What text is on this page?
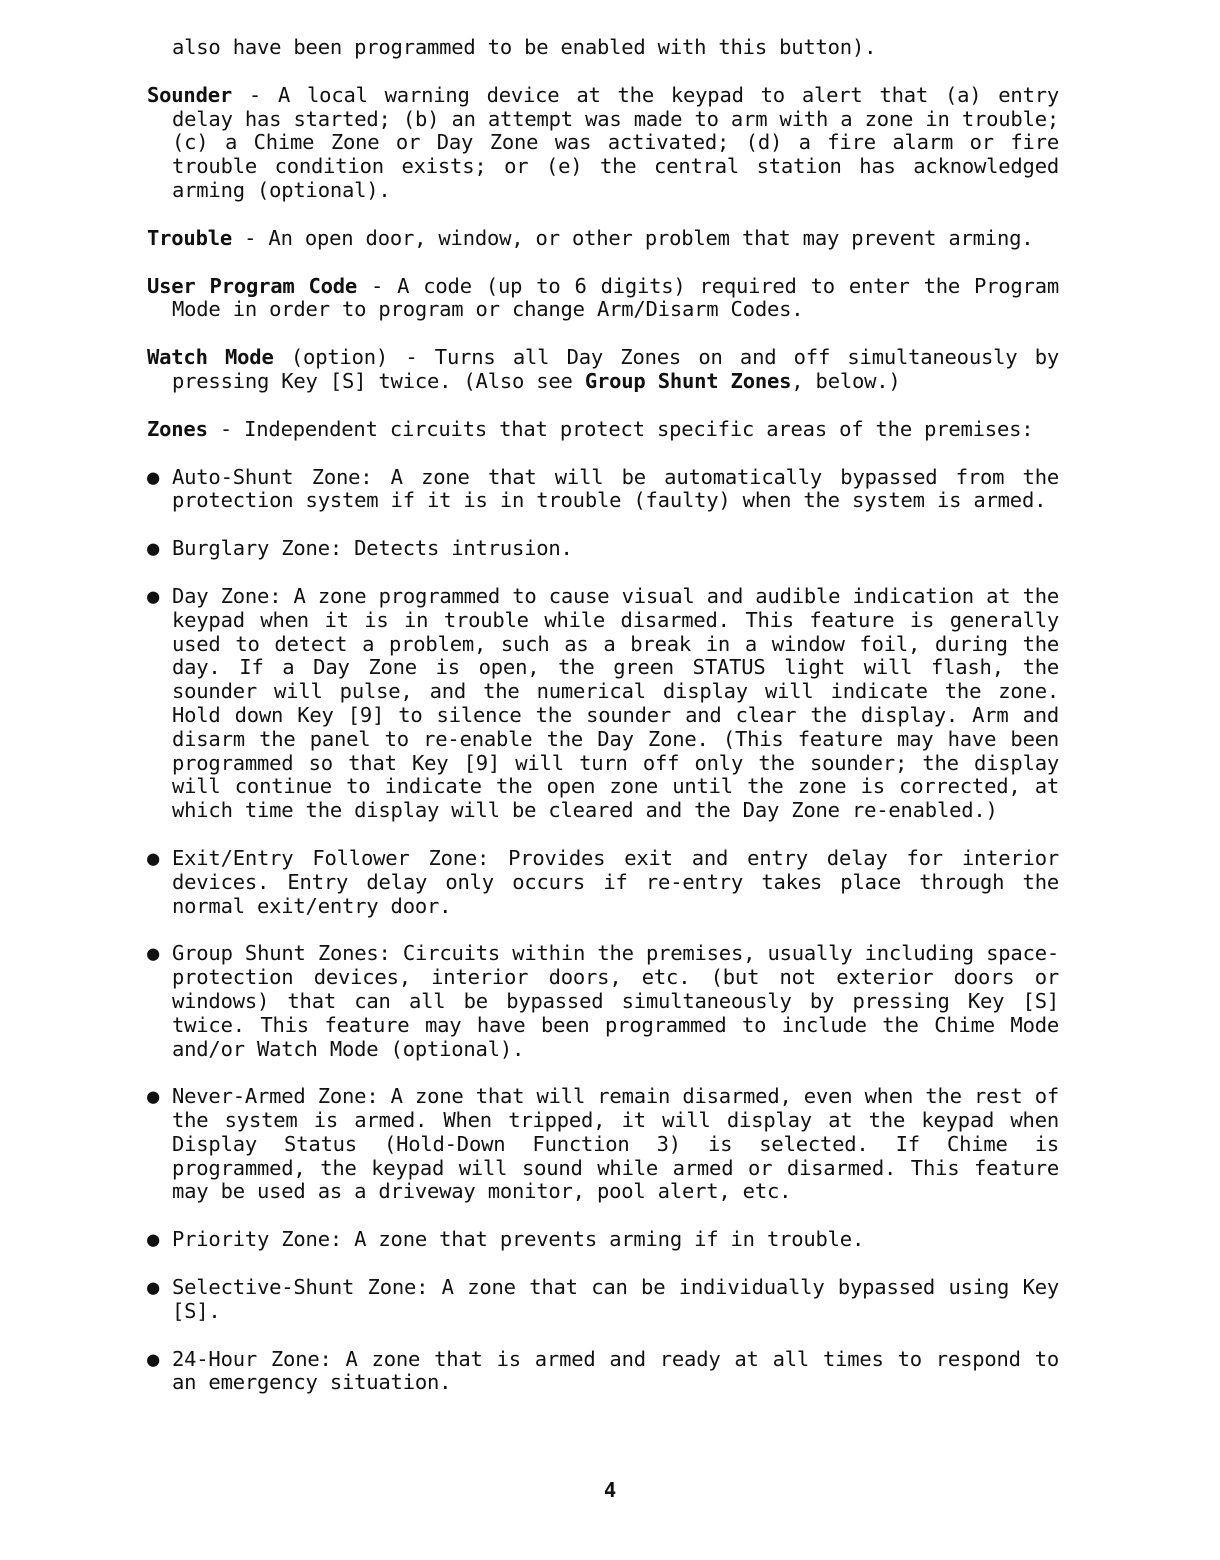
also have been programmed to be enabled with this button).

Sounder - A local warning device at the keypad to alert that (a) entry delay has started; (b) an attempt was made to arm with a zone in trouble; (c) a Chime Zone or Day Zone was activated; (d) a fire alarm or fire trouble condition exists; or (e) the central station has acknowledged arming (optional).

Trouble - An open door, window, or other problem that may prevent arming.

User Program Code - A code (up to 6 digits) required to enter the Program Mode in order to program or change Arm/Disarm Codes.

Watch Mode (option) - Turns all Day Zones on and off simultaneously by pressing Key [S] twice. (Also see Group Shunt Zones, below.)

Zones - Independent circuits that protect specific areas of the premises:

● Auto-Shunt Zone: A zone that will be automatically bypassed from the protection system if it is in trouble (faulty) when the system is armed.

● Burglary Zone: Detects intrusion.

● Day Zone: A zone programmed to cause visual and audible indication at the keypad when it is in trouble while disarmed. This feature is generally used to detect a problem, such as a break in a window foil, during the day. If a Day Zone is open, the green STATUS light will flash, the sounder will pulse, and the numerical display will indicate the zone. Hold down Key [9] to silence the sounder and clear the display. Arm and disarm the panel to re-enable the Day Zone. (This feature may have been programmed so that Key [9] will turn off only the sounder; the display will continue to indicate the open zone until the zone is corrected, at which time the display will be cleared and the Day Zone re-enabled.)

● Exit/Entry Follower Zone: Provides exit and entry delay for interior devices. Entry delay only occurs if re-entry takes place through the normal exit/entry door.

● Group Shunt Zones: Circuits within the premises, usually including space-protection devices, interior doors, etc. (but not exterior doors or windows) that can all be bypassed simultaneously by pressing Key [S] twice. This feature may have been programmed to include the Chime Mode and/or Watch Mode (optional).

● Never-Armed Zone: A zone that will remain disarmed, even when the rest of the system is armed. When tripped, it will display at the keypad when Display Status (Hold-Down Function 3) is selected. If Chime is programmed, the keypad will sound while armed or disarmed. This feature may be used as a driveway monitor, pool alert, etc.

● Priority Zone: A zone that prevents arming if in trouble.

● Selective-Shunt Zone: A zone that can be individually bypassed using Key [S].

● 24-Hour Zone: A zone that is armed and ready at all times to respond to an emergency situation.

4
